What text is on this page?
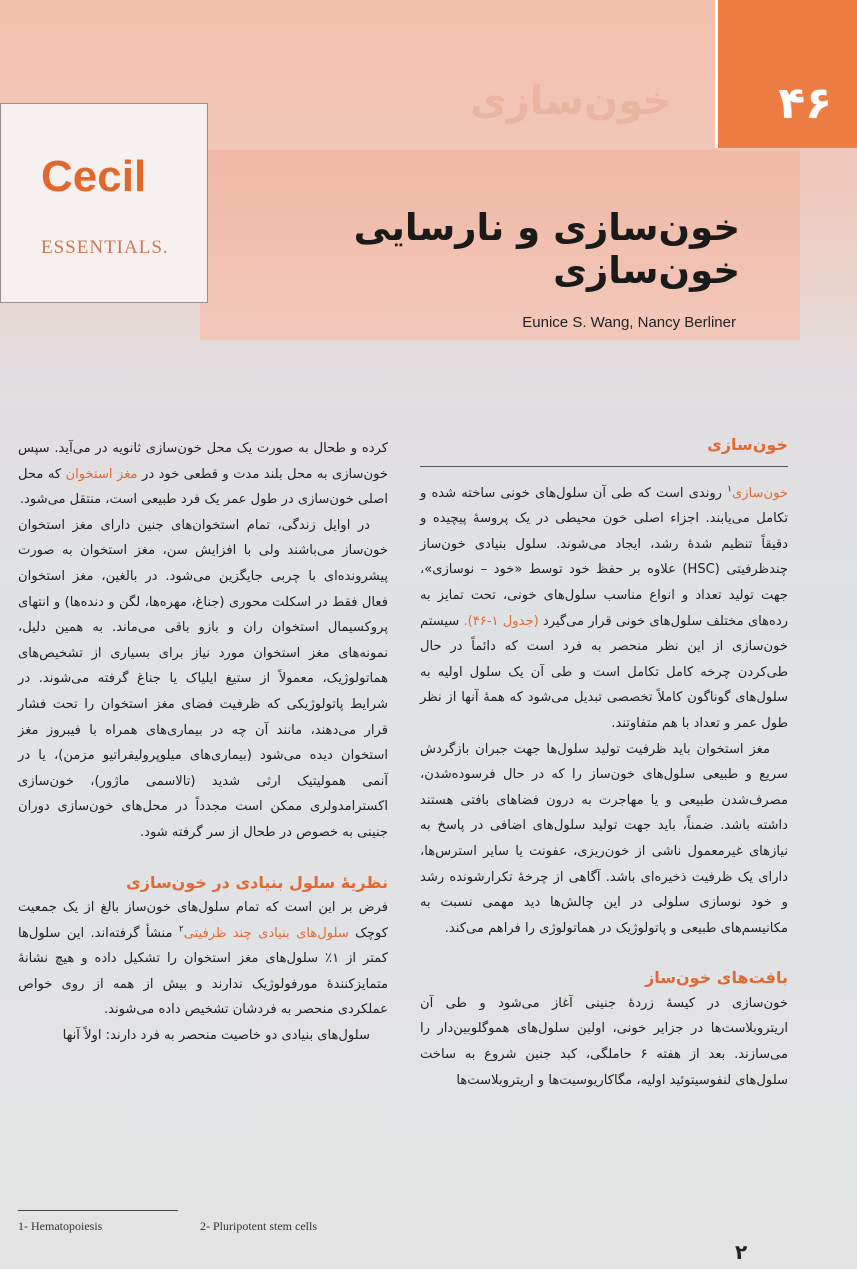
خون‌سازی ۴۶
Cecil
ESSENTIALS.	خون‌سازی و نارسایی خون‌سازی
Eunice S. Wang, Nancy Berliner
خون‌سازی

خون‌سازی$^۱$ روندی است که طی آن سلول‌های خونی ساخته شده و تکامل می‌یابند. اجزاء اصلی خون محیطی در یک پروسهٔ پیچیده و دقیقاً تنظیم شدهٔ رشد، ایجاد می‌شوند. سلول بنیادی خون‌ساز چندظرفیتی (HSC) علاوه بر حفظ خود توسط «خود – نوسازی»، جهت تولید تعداد و انواع مناسب سلول‌های خونی، تحت تمایز به رده‌های مختلف سلول‌های خونی قرار می‌گیرد (جدول ۱-۴۶). سیستم خون‌سازی از این نظر منحصر به فرد است که دائماً در حال طی‌کردن چرخه کامل تکامل است و طی آن یک سلول اولیه به سلول‌های گوناگون کاملاً تخصصی تبدیل می‌شود که همهٔ آنها از نظر طول عمر و تعداد با هم متفاوتند.

مغز استخوان باید ظرفیت تولید سلول‌ها جهت جبران بازگردش سریع و طبیعی سلول‌های خون‌ساز را که در حال فرسوده‌شدن، مصرف‌شدن طبیعی و یا مهاجرت به درون فضاهای بافتی هستند داشته باشد. ضمناً، باید جهت تولید سلول‌های اضافی در پاسخ به نیازهای غیرمعمول ناشی از خون‌ریزی، عفونت یا سایر استرس‌ها، دارای یک ظرفیت ذخیره‌ای باشد. آگاهی از چرخهٔ تکرارشونده رشد و خود نوسازی سلولی در این چالش‌ها دید مهمی نسبت به مکانیسم‌های طبیعی و پاتولوژیک در هماتولوژی را فراهم می‌کند.

بافت‌های خون‌ساز

خون‌سازی در کیسهٔ زردهٔ جنینی آغاز می‌شود و طی آن اریتروبلاست‌ها در جزایر خونی، اولین سلول‌های هموگلوبین‌دار را می‌سازند. بعد از هفته ۶ حاملگی، کبد جنین شروع به ساخت سلول‌های لنفوسیتوئید اولیه، مگاکاریوسیت‌ها و اریتروبلاست‌ها

کرده و طحال به صورت یک محل خون‌سازی ثانویه در می‌آید. سپس خون‌سازی به محل بلند مدت و قطعی خود در مغز استخوان که محل اصلی خون‌سازی در طول عمر یک فرد طبیعی است، منتقل می‌شود.

در اوایل زندگی، تمام استخوان‌های جنین دارای مغز استخوان خون‌ساز می‌باشند ولی با افزایش سن، مغز استخوان به صورت پیشرونده‌ای با چربی جایگزین می‌شود. در بالغین، مغز استخوان فعال فقط در اسکلت محوری (جناغ، مهره‌ها، لگن و دنده‌ها) و انتهای پروکسیمال استخوان ران و بازو باقی می‌ماند. به همین دلیل، نمونه‌های مغز استخوان مورد نیاز برای بسیاری از تشخیص‌های هماتولوژیک، معمولاً از ستیغ ایلیاک یا جناغ گرفته می‌شوند. در شرایط پاتولوژیکی که ظرفیت فضای مغز استخوان را تحت فشار قرار می‌دهند، مانند آن چه در بیماری‌های همراه با فیبروز مغز استخوان دیده می‌شود (بیماری‌های میلوپرولیفراتیو مزمن)، یا در آنمی همولیتیک ارثی شدید (تالاسمی ماژور)، خون‌سازی اکسترامدولری ممکن است مجدداً در محل‌های خون‌سازی دوران جنینی به خصوص در طحال از سر گرفته شود.

نظریهٔ سلول بنیادی در خون‌سازی

فرض بر این است که تمام سلول‌های خون‌ساز بالغ از یک جمعیت کوچک سلول‌های بنیادی چند ظرفیتی$^۲$ منشأ گرفته‌اند. این سلول‌ها کمتر از ۱٪ سلول‌های مغز استخوان را تشکیل داده و هیچ نشانهٔ متمایزکنندهٔ مورفولوژیک ندارند و بیش از همه از روی خواص عملکردی منحصر به فردشان تشخیص داده می‌شوند.

سلول‌های بنیادی دو خاصیت منحصر به فرد دارند: اولاً آنها

1- Hematopoiesis	2- Pluripotent stem cells
۲
